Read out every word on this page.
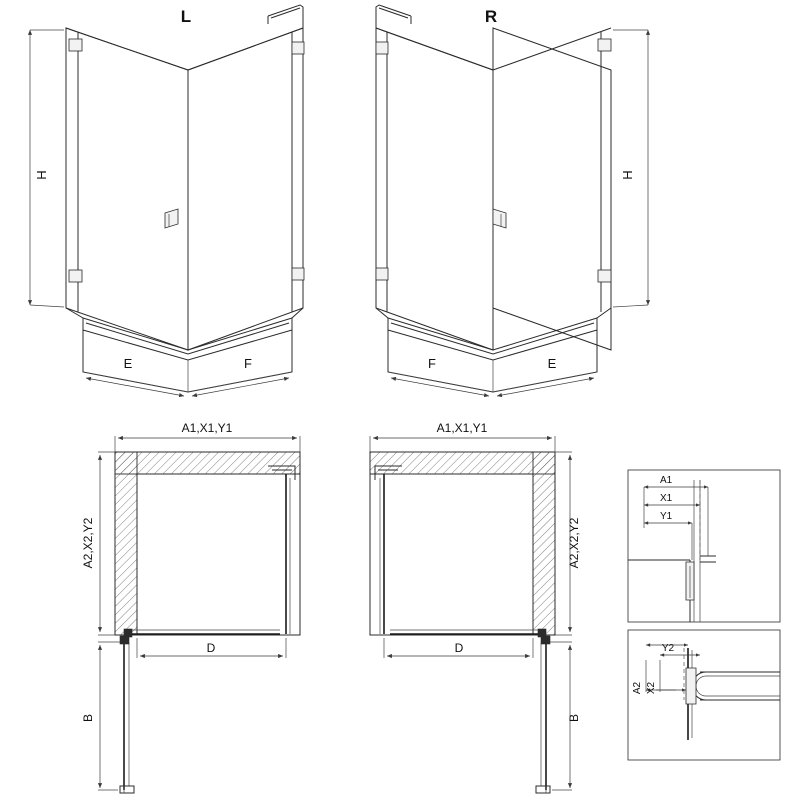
H
E	F
L
H
F	E
R
A1,X1,Y1
A2,X2,Y2
D
B
A1,X1,Y1
A2,X2,Y2
D
B
A1
X1
Y1
A2 X2
Y2
